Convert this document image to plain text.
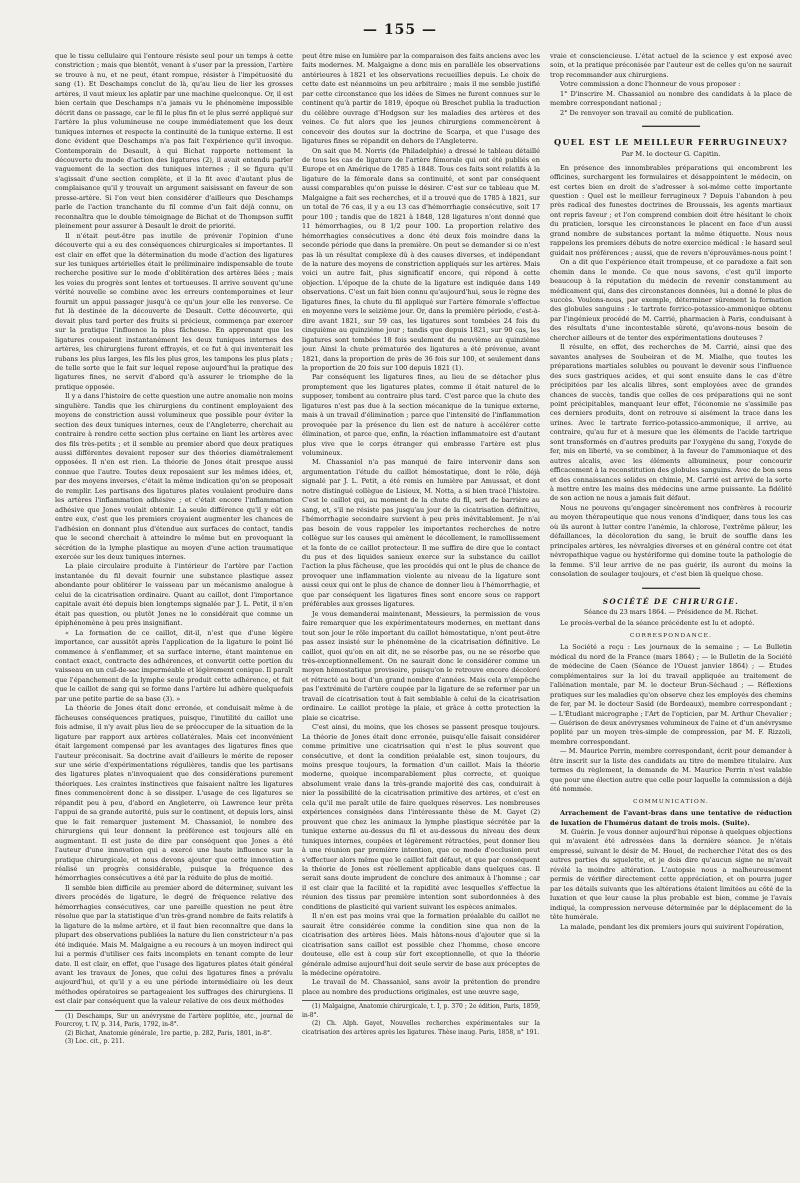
— 155 —

que le tissu cellulaire qui l'entoure résiste seul pour un temps à cette constriction ; mais que bientôt, venant à s'user par la pression, l'artère se trouve à nu, et ne peut, étant rompue, résister à l'impétuosité du sang (1). Et Deschamps conclut de là, qu'au lieu de lier les grosses artères, il vaut mieux les aplatir par une machine quelconque. Or, il est bien certain que Deschamps n'a jamais vu le phénomène impossible décrit dans ce passage, car le fil le plus fin et le plus serré appliqué sur l'artère la plus volumineuse ne coupe immédiatement que les deux tuniques internes et respecte la continuité de la tunique externe. Il est donc évident que Deschamps n'a pas fait l'expérience qu'il invoque. Contemporain de Desault, à qui Bichat rapporte nettement la découverte du mode d'action des ligatures (2), il avait entendu parler vaguement de la section des tuniques internes ; il se figura qu'il s'agissait d'une section complète, et il la fit avec d'autant plus de complaisance qu'il y trouvait un argument saisissant en faveur de son presse-artère. Si l'on veut bien considérer d'ailleurs que Deschamps parle de l'action tranchante du fil comme d'un fait déjà connu, on reconnaîtra que le double témoignage de Bichat et de Thompson suffit pleinement pour assurer à Desault le droit de priorité.

Il n'était peut-être pas inutile de prévenir l'opinion d'une découverte qui a eu des conséquences chirurgicales si importantes. Il est clair en effet que la détermination du mode d'action des ligatures sur les tuniques artérielles était le préliminaire indispensable de toute recherche positive sur le mode d'oblitération des artères liées ; mais les voies du progrès sont lentes et tortueuses. Il arrive souvent qu'une vérité nouvelle se combine avec les erreurs contemporaines et leur fournit un appui passager jusqu'à ce qu'un jour elle les renverse. Ce fut là destinée de la découverte de Desault. Cette découverte, qui devait plus tard porter des fruits si précieux, commença par exercer sur la pratique l'influence la plus fâcheuse. En apprenant que les ligatures coupaient instantanément les deux tuniques internes des artères, les chirurgiens furent effrayés, et ce fut à qui inventerait les rubans les plus larges, les fils les plus gros, les tampons les plus plats ; de telle sorte que le fait sur lequel repose aujourd'hui la pratique des ligatures fines, ne servit d'abord qu'à assurer le triomphe de la pratique opposée.

Il y a dans l'histoire de cette question une autre anomalie non moins singulière. Tandis que les chirurgiens du continent employaient des moyens de constriction aussi volumineux que possible pour éviter la section des deux tuniques internes, ceux de l'Angleterre, cherchait au contraire à rendre cette section plus certaine en liant les artères avec des fils très-petits ; et il semble au premier abord que deux pratiques aussi différentes devaient reposer sur des théories diamétralement opposées. Il n'en est rien. La théorie de Jones était presque aussi connue que l'autre. Toutes deux reposaient sur les mêmes idées, et, par des moyens inverses, c'était la même indication qu'on se proposait de remplir. Les partisans des ligatures plates voulaient produire dans les artères l'inflammation adhésive ; et c'était encore l'inflammation adhésive que Jones voulait obtenir. La seule différence qu'il y eût en entre eux, c'est que les premiers croyaient augmenter les chances de l'adhésion en donnant plus d'étendue aux surfaces de contact, tandis que le second cherchait à atteindre le même but en provoquant la sécrétion de la lymphe plastique au moyen d'une action traumatique exercée sur les deux tuniques internes.

La plaie circulaire produite à l'intérieur de l'artère par l'action instantanée du fil devait fournir une substance plastique assez abondante pour oblitérer le vaisseau par un mécanisme analogue à celui de la cicatrisation ordinaire. Quant au caillot, dont l'importance capitale avait été depuis bien longtemps signalée par J. L. Petit, il n'en était pas question, ou plutôt Jones ne le considérait que comme un épiphénomène à peu près insignifiant.

« La formation de ce caillot, dit-il, n'est que d'une légère importance, car aussitôt après l'application de la ligature le point lié commence à s'enflammer, et sa surface interne, étant maintenue en contact exact, contracte des adhérences, et convertit cette portion du vaisseau en un cul-de-sac imperméable et légèrement conique. Il paraît que l'épanchement de la lymphe seule produit cette adhérence, et fait que le caillot de sang qui se forme dans l'artère lui adhère quelquefois par une petite partie de sa base (3). »

La théorie de Jones était donc erronée, et conduisait même à de fâcheuses conséquences pratiques, puisque, l'inutilité du caillot une fois admise, il n'y avait plus lieu de se préoccuper de la situation de la ligature par rapport aux artères collatérales. Mais cet inconvénient était largement compensé par les avantages des ligatures fines que l'auteur préconisait. Sa doctrine avait d'ailleurs le mérite de reposer sur une série d'expérimentations régulières, tandis que les partisans des ligatures plates n'invoquaient que des considérations purement théoriques. Les craintes instinctives que faisaient naître les ligatures fines commencèrent donc à se dissiper. L'usage de ces ligatures se répandit peu à peu, d'abord en Angleterre, où Lawrence leur prêta l'appui de sa grande autorité, puis sur le continent, et depuis lors, ainsi que le fait remarquer justement M. Chassaniol, le nombre des chirurgiens qui leur donnent la préférence est toujours allé en augmentant. Il est juste de dire par conséquent que Jones a été l'auteur d'une innovation qui a exercé une haute influence sur la pratique chirurgicale, et nous devons ajouter que cette innovation a réalisé un progrès considérable, puisque la fréquence des hémorrhagies consécutives a été par la réduite de plus de moitié.

Il semble bien difficile au premier abord de déterminer, suivant les divers procédés de ligature, le degré de fréquence relative des hémorrhagies consécutives, car une pareille question ne peut être résolue que par la statistique d'un très-grand nombre de faits relatifs à la ligature de la même artère, et il faut bien reconnaître que dans la plupart des observations publiées la nature du lien constricteur n'a pas été indiquée. Mais M. Malgaigne a eu recours à un moyen indirect qui lui a permis d'utiliser ces faits incomplets en tenant compte de leur date. Il est clair, en effet, que l'usage des ligatures plates était général avant les travaux de Jones, que celui des ligatures fines a prévalu aujourd'hui, et qu'il y a eu une période intermédiaire où les deux méthodes opératoires se partageaient les suffrages des chirurgiens. Il est clair par conséquent que la valeur relative de ces deux méthodes

(1) Deschamps, Sur un anévrysme de l'artère poplitée, etc., journal de Fourcroy, t. IV, p. 314, Paris, 1792, in-8°.

(2) Bichat, Anatomie générale, 1re partie, p. 282, Paris, 1801, in-8°.

(3) Loc. cit., p. 211.

peut être mise en lumière par la comparaison des faits anciens avec les faits modernes. M. Malgaigne a donc mis en parallèle les observations antérieures à 1821 et les observations recueillies depuis. Le choix de cette date est néanmoins un peu arbitraire ; mais il me semble justifié par cette circonstance que les idées de Simes ne furent connues sur le continent qu'à partir de 1819, époque où Breschet publia la traduction du célèbre ouvrage d'Hodgson sur les maladies des artères et des veines. Ce fut alors que les jeunes chirurgiens commencèrent à concevoir des doutes sur la doctrine de Scarpa, et que l'usage des ligatures fines se répandit en dehors de l'Angleterre.

On sait que M. Norris (de Philadelphie) a dressé le tableau détaillé de tous les cas de ligature de l'artère fémorale qui ont été publiés en Europe et en Amérique de 1785 à 1848. Tous ces faits sont relatifs à la ligature de la fémorale dans sa continuité, et sont par conséquent aussi comparables qu'on puisse le désirer. C'est sur ce tableau que M. Malgaigne a fait ses recherches, et il a trouvé que de 1785 à 1821, sur un total de 76 cas, il y a eu 13 cas d'hémorrhagie consécutive, soit 17 pour 100 ; tandis que de 1821 à 1848, 128 ligatures n'ont donné que 11 hémorrhagies, ou 8 1/2 pour 100. La proportion relative des hémorrhagies consécutives a donc été deux fois moindre dans la seconde période que dans la première. On peut se demander si ce n'est pas là un résultat complexe dû à des causes diverses, et indépendant de la nature des moyens de constriction appliqués sur les artères. Mais voici un autre fait, plus significatif encore, qui répond à cette objection. L'époque de la chute de la ligature est indiquée dans 149 observations. C'est un fait bien connu qu'aujourd'hui, sous le règne des ligatures fines, la chute du fil appliqué sur l'artère fémorale s'effectue en moyenne vers le seizième jour. Or, dans la première période, c'est-à-dire avant 1821, sur 59 cas, les ligatures sont tombées 24 fois du cinquième au quinzième jour ; tandis que depuis 1821, sur 90 cas, les ligatures sont tombées 18 fois seulement du neuvième au quinzième jour. Ainsi la chute prématurée des ligatures a été prévenue, avant 1821, dans la proportion de près de 36 fois sur 100, et seulement dans la proportion de 20 fois sur 100 depuis 1821 (1).

Par conséquent les ligatures fines, au lieu de se détacher plus promptement que les ligatures plates, comme il était naturel de le supposer, tombent au contraire plus tard. C'est parce que la chute des ligatures n'est pas due à la section mécanique de la tunique externe, mais à un travail d'élimination ; parce que l'intensité de l'inflammation provoquée par la présence du lien est de nature à accélérer cette élimination, et parce que, enfin, la réaction inflammatoire est d'autant plus vive que le corps étranger qui embrasse l'artère est plus volumineux.

M. Chassaniol n'a pas manqué de faire intervenir dans son argumentation l'étude du caillot hémostatique, dont le rôle, déjà signalé par J. L. Petit, a été remis en lumière par Amussat, et dont notre distingué collègue de Lisieux, M. Notta, a si bien tracé l'histoire. C'est le caillot qui, au moment de la chute du fil, sert de barrière au sang, et, s'il ne résiste pas jusqu'au jour de la cicatrisation définitive, l'hémorrhagie secondaire survient à peu près inévitablement. Je n'ai pas besoin de vous rappeler les importantes recherches de notre collègue sur les causes qui amènent le décollement, le ramollissement et la fonte de ce caillot protecteur. Il me suffira de dire que le contact du pus et des liquides sanieux exerce sur la substance du caillot l'action la plus fâcheuse, que les procédés qui ont le plus de chance de provoquer une inflammation violente au niveau de la ligature sont aussi ceux qui ont le plus de chance de donner lieu à l'hémorrhagie, et que par conséquent les ligatures fines sont encore sous ce rapport préférables aux grosses ligatures.

Je vous demanderai maintenant, Messieurs, la permission de vous faire remarquer que les expérimentateurs modernes, en mettant dans tout son jour le rôle important du caillot hémostatique, n'ont peut-être pas assez insisté sur le phénomène de la cicatrisation définitive. Le caillot, quoi qu'on en ait dit, ne se résorbe pas, ou ne se résorbe que très-exceptionnellement. On ne saurait donc le considérer comme un moyen hémostatique provisoire, puisqu'on le retrouve encore décoloré et rétracté au bout d'un grand nombre d'années. Mais cela n'empêche pas l'extrémité de l'artère coupée par la ligature de se refermer par un travail de cicatrisation tout à fait semblable à celui de la cicatrisation ordinaire. Le caillot protège la plaie, et grâce à cette protection la plaie se cicatrise.

C'est ainsi, du moins, que les choses se passent presque toujours. La théorie de Jones était donc erronée, puisqu'elle faisait considérer comme primitive une cicatrisation qui n'est le plus souvent que consécutive, et dont la condition préalable est, sinon toujours, du moins presque toujours, la formation d'un caillot. Mais la théorie moderne, quoique incomparablement plus correcte, et quoique absolument vraie dans la très-grande majorité des cas, conduirait à nier la possibilité de la cicatrisation primitive des artères, et c'est en cela qu'il me paraît utile de faire quelques réserves. Les nombreuses expériences consignées dans l'intéressante thèse de M. Gayet (2) prouvent que chez les animaux la lymphe plastique sécrétée par la tunique externe au-dessus du fil et au-dessous du niveau des deux tuniques internes, coupées et légèrement rétractées, peut donner lieu à une réunion par première intention, que ce mode d'occlusion peut s'effectuer alors même que le caillot fait défaut, et que par conséquent la théorie de Jones est réellement applicable dans quelques cas. Il serait sans doute imprudent de conclure des animaux à l'homme ; car il est clair que la facilité et la rapidité avec lesquelles s'effectue la réunion des tissus par première intention sont subordonnées à des conditions de plasticité qui varient suivant les espèces animales.

Il n'en est pas moins vrai que la formation préalable du caillot ne saurait être considérée comme la condition sine qua non de la cicatrisation des artères liées. Mais hâtons-nous d'ajouter que si la cicatrisation sans caillot est possible chez l'homme, chose encore douteuse, elle est à coup sûr fort exceptionnelle, et que la théorie générale admise aujourd'hui doit seule servir de base aux préceptes de la médecine opératoire.

Le travail de M. Chassaniol, sans avoir la prétention de prendre place au nombre des productions originales, est une œuvre sage,

(1) Malgaigne, Anatomie chirurgicale, t. I, p. 370 ; 2e édition, Paris, 1859, in-8°.

(2) Ch. Alph. Gayet, Nouvelles recherches expérimentales sur la cicatrisation des artères après les ligatures. Thèse inaug. Paris, 1858, n° 191.

vraie et consciencieuse. L'état actuel de la science y est exposé avec soin, et la pratique préconisée par l'auteur est de celles qu'on ne saurait trop recommander aux chirurgiens.

Votre commission a donc l'honneur de vous proposer :

1° D'inscrire M. Chassaniol au nombre des candidats à la place de membre correspondant national ;

2° De renvoyer son travail au comité de publication.

━━━━━━━━━━━━
QUEL EST LE MEILLEUR FERRUGINEUX?
Par M. le docteur G. Capitin.

En présence des innombrables préparations qui encombrent les officines, surchargent les formulaires et désappointent le médecin, on est certes bien en droit de s'adresser à soi-même cette importante question : Quel est le meilleur ferrugineux ? Depuis l'abandon à peu près radical des funestes doctrines de Broussais, les agents martiaux ont repris faveur ; et l'on comprend combien doit être hésitant le choix du praticien, lorsque les circonstances le placent en face d'un aussi grand nombre de substances portant la même étiquette. Nous nous rappelons les premiers débuts de notre exercice médical : le hasard seul guidait nos préférences ; aussi, que de revers n'éprouvâmes-nous point !

On a dit que l'expérience était trompeuse, et ce paradoxe a fait son chemin dans le monde. Ce que nous savons, c'est qu'il importe beaucoup à la réputation du médecin de revenir constamment au médicament qui, dans des circonstances données, lui a donné le plus de succès. Voulons-nous, par exemple, déterminer sûrement la formation des globules sanguins : le tartrate ferrico-potassico-ammonique obtenu par l'ingénieux procédé de M. Carrié, pharmacien à Paris, conduisant à des résultats d'une incontestable sûreté, qu'avons-nous besoin de chercher ailleurs et de tenter des expérimentations douteuses ?

Il résulte, en effet, des recherches de M. Carrié, ainsi que des savantes analyses de Soubeiran et de M. Mialhe, que toutes les préparations martiales solubles ou pouvant le devenir sous l'influence des sucs gastriques acides, et qui sont ensuite dans le cas d'être précipitées par les alcalis libres, sont employées avec de grandes chances de succès, tandis que celles de ces préparations qui ne sont point précipitables, manquant leur effet, l'économie ne s'assimile pas ces derniers produits, dont on retrouve si aisément la trace dans les urines. Avec le tartrate ferrico-potassico-ammonique, il arrive, au contraire, qu'au fur et à mesure que les éléments de l'acide tartrique sont transformés en d'autres produits par l'oxygène du sang, l'oxyde de fer, mis en liberté, va se combiner, à la faveur de l'ammoniaque et des autres alcalis, avec les éléments albumineux, pour concourir efficacement à la reconstitution des globules sanguins. Avec de bon sens et des connaissances solides en chimie, M. Carrié est arrivé de la sorte à mettre entre les mains des médecins une arme puissante. La fidélité de son action ne nous a jamais fait défaut.

Nous ne pouvons qu'engager sincèrement nos confrères à recourir au moyen thérapeutique que nous venons d'indiquer, dans tous les cas où ils auront à lutter contre l'anémie, la chlorose, l'extrême pâleur, les défaillances, la décoloration du sang, le bruit de souffle dans les principales artères, les névralgies diverses et en général contre cet état névropathique vague ou hystériforme qui domine toute la pathologie de la femme. S'il leur arrive de ne pas guérir, ils auront du moins la consolation de soulager toujours, et c'est bien là quelque chose.

━━━━━━━━━━━━
SOCIÉTÉ DE CHIRURGIE.
Séance du 23 mars 1864. — Présidence de M. Richet.

Le procès-verbal de la séance précédente est lu et adopté.

CORRESPONDANCE.

La Société a reçu : Les journaux de la semaine ; — Le Bulletin médical du nord de la France (mars 1864) ; — le Bulletin de la Société de médecine de Caen (Séance de l'Ouest janvier 1864) ; — Études complémentaires sur la loi du travail appliquée au traitement de l'aliénation mentale, par M. le docteur Brun-Séchaud ; — Réflexions pratiques sur les maladies qu'on observe chez les employés des chemins de fer, par M. le docteur Sasid (de Bordeaux), membre correspondant ; — L'Étudiant micrographe ; l'Art de l'opticien, par M. Arthur Chevalier ; — Guérison de deux anévrysmes volumineux de l'aine et d'un anévrysme poplité par un moyen très-simple de compression, par M. F. Rizzoli, membre correspondant.

— M. Maurice Perrin, membre correspondant, écrit pour demander à être inscrit sur la liste des candidats au titre de membre titulaire. Aux termes du règlement, la demande de M. Maurice Perrin n'est valable que pour une élection autre que celle pour laquelle la commission a déjà été nommée.

COMMUNICATION.

Arrachement de l'avant-bras dans une tentative de réduction de luxation de l'humérus datant de trois mois. (Suite).

M. Guérin. Je vous donner aujourd'hui réponse à quelques objections qui m'avaient été adressées dans la dernière séance. Je n'étais empressé, suivant le désir de M. Houel, de rechercher l'état des os des autres parties du squelette, et je dois dire qu'aucun signe ne m'avait révélé la moindre altération. L'autopsie nous a malheureusement permis de vérifier directement cette appréciation, et on pourra juger par les détails suivants que les altérations étaient limitées au côté de la luxation et que leur cause la plus probable est bien, comme je l'avais indiqué, la compression nerveuse déterminée par le déplacement de la tête humérale.

La malade, pendant les dix premiers jours qui suivirent l'opération,
